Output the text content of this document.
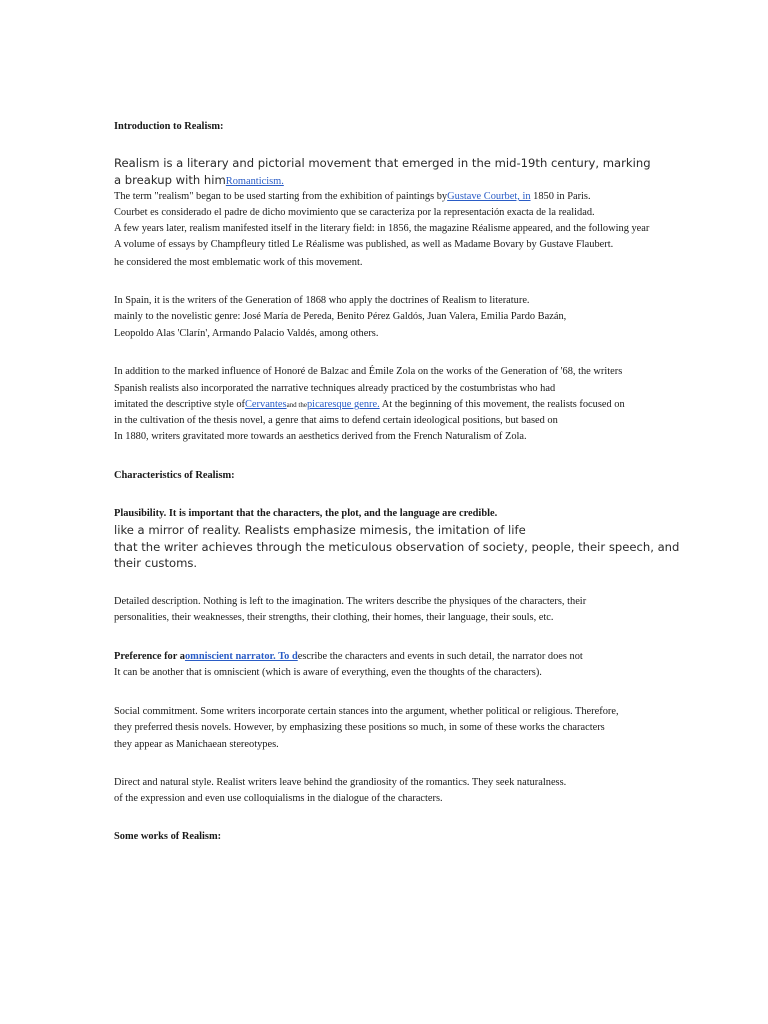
Introduction to Realism:
Realism is a literary and pictorial movement that emerged in the mid-19th century, marking
a breakup with himRomanticism.
The term "realism" began to be used starting from the exhibition of paintings byGustave Courbet, in 1850 in Paris.
Courbet es considerado el padre de dicho movimiento que se caracteriza por la representación exacta de la realidad.
A few years later, realism manifested itself in the literary field: in 1856, the magazine Réalisme appeared, and the following year
A volume of essays by Champfleury titled Le Réalisme was published, as well as Madame Bovary by Gustave Flaubert.
he considered the most emblematic work of this movement.
In Spain, it is the writers of the Generation of 1868 who apply the doctrines of Realism to literature.
mainly to the novelistic genre: José María de Pereda, Benito Pérez Galdós, Juan Valera, Emilia Pardo Bazán,
Leopoldo Alas 'Clarín', Armando Palacio Valdés, among others.
In addition to the marked influence of Honoré de Balzac and Émile Zola on the works of the Generation of '68, the writers
Spanish realists also incorporated the narrative techniques already practiced by the costumbristas who had
imitated the descriptive style ofCervantesand thepicaresque genre. At the beginning of this movement, the realists focused on
in the cultivation of the thesis novel, a genre that aims to defend certain ideological positions, but based on
In 1880, writers gravitated more towards an aesthetics derived from the French Naturalism of Zola.
Characteristics of Realism:
Plausibility. It is important that the characters, the plot, and the language are credible.
like a mirror of reality. Realists emphasize mimesis, the imitation of life
that the writer achieves through the meticulous observation of society, people, their speech, and
their customs.
Detailed description. Nothing is left to the imagination. The writers describe the physiques of the characters, their
personalities, their weaknesses, their strengths, their clothing, their homes, their language, their souls, etc.
Preference for aomniscient narrator. To describe the characters and events in such detail, the narrator does not
It can be another that is omniscient (which is aware of everything, even the thoughts of the characters).
Social commitment. Some writers incorporate certain stances into the argument, whether political or religious. Therefore,
they preferred thesis novels. However, by emphasizing these positions so much, in some of these works the characters
they appear as Manichaean stereotypes.
Direct and natural style. Realist writers leave behind the grandiosity of the romantics. They seek naturalness.
of the expression and even use colloquialisms in the dialogue of the characters.
Some works of Realism:
